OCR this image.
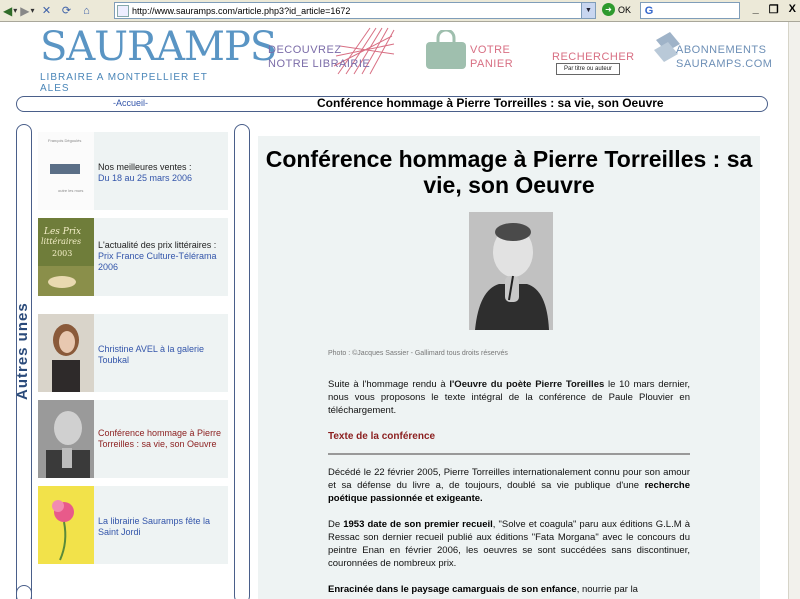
◀ ▾ ▶ ▾ ✕ ⟳	⌂	http://www.sauramps.com/article.php3?id_article=1672	▼	➜ OK G	_ ❐ X
SAURAMPS
LIBRAIRE A MONTPELLIER ET ALES
DECOUVREZ
NOTRE LIBRAIRIE
VOTRE
PANIER
RECHERCHER
Par titre ou auteur
ABONNEMENTS
SAURAMPS.COM
-Accueil-	Conférence hommage à Pierre Torreilles : sa vie, son Oeuvre
Autres unes
François Dégoulès
outre les murs
Nos meilleures ventes :
Du 18 au 25 mars 2006
Les Prix
littéraires
2003
L'actualité des prix littéraires :
Prix France Culture-Télérama 2006
Christine AVEL à la galerie Toubkal
Conférence hommage à Pierre Torreilles : sa vie, son Oeuvre
La librairie Sauramps fête la Saint Jordi
Conférence hommage à Pierre Torreilles : sa vie, son Oeuvre
Photo : ©Jacques Sassier - Gallimard tous droits réservés

Suite à l'hommage rendu à l'Oeuvre du poète Pierre Toreilles le 10 mars dernier, nous vous proposons le texte intégral de la conférence de Paule Plouvier en téléchargement.

Texte de la conférence

Décédé le 22 février 2005, Pierre Torreilles internationalement connu pour son amour et sa défense du livre a, de toujours, doublé sa vie publique d'une recherche poétique passionnée et exigeante.

De 1953 date de son premier recueil, "Solve et coagula" paru aux éditions G.L.M à Ressac son dernier recueil publié aux éditions "Fata Morgana" avec le concours du peintre Enan en février 2006, les oeuvres se sont succédées sans discontinuer, couronnées de nombreux prix.

Enracinée dans le paysage camarguais de son enfance, nourrie par la
